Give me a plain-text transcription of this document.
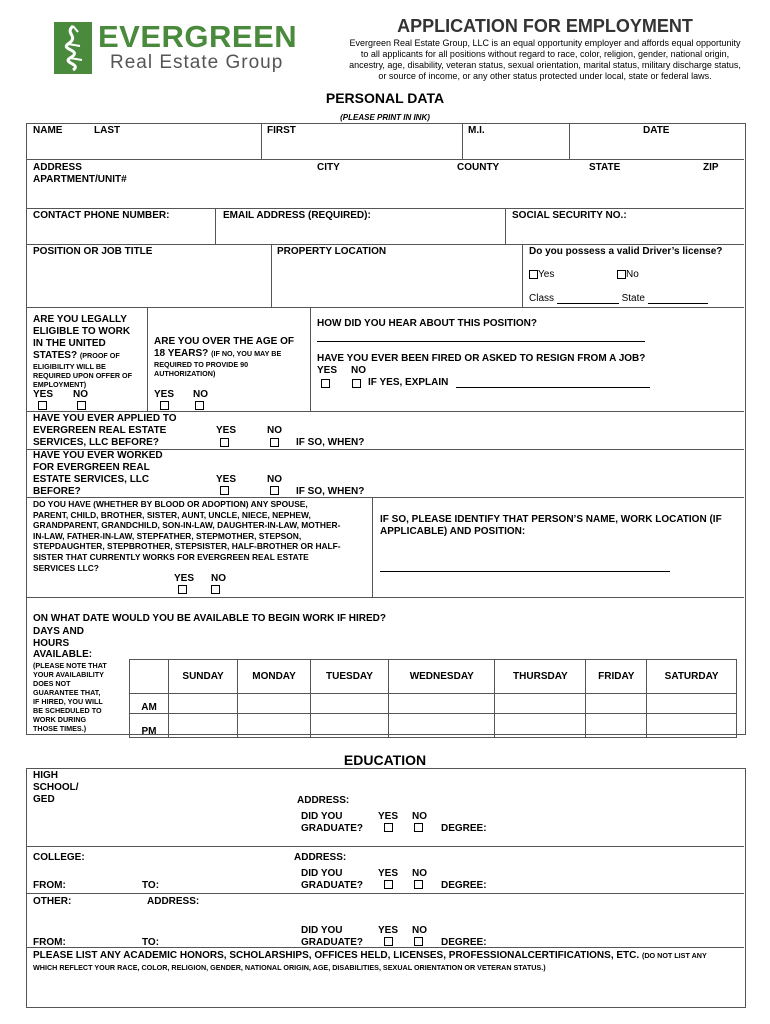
EVERGREEN
Real Estate Group
APPLICATION FOR EMPLOYMENT
Evergreen Real Estate Group, LLC is an equal opportunity employer and affords equal opportunity
to all applicants for all positions without regard to race, color, religion, gender, national origin,
ancestry, age, disability, veteran status, sexual orientation, marital status, military discharge status,
or source of income, or any other status protected under local, state or federal laws.
PERSONAL DATA
(PLEASE PRINT IN INK)
NAME	LAST	FIRST	M.I.	DATE
ADDRESS
APARTMENT/UNIT#
CITY	COUNTY	STATE	ZIP
CONTACT PHONE NUMBER:	EMAIL ADDRESS (REQUIRED):	SOCIAL SECURITY NO.:
POSITION OR JOB TITLE	PROPERTY LOCATION	Do you possess a valid Driver’s license?
Yes	No
Class	State
ARE YOU LEGALLY
ELIGIBLE TO WORK
IN THE UNITED
STATES? (PROOF OF
ELIGIBILITY WILL BE
REQUIRED UPON OFFER OF
EMPLOYMENT)
YES NO
ARE YOU OVER THE AGE OF
18 YEARS? (IF NO, YOU MAY BE
REQUIRED TO PROVIDE 90
AUTHORIZATION)
YES NO
HOW DID YOU HEAR ABOUT THIS POSITION?
HAVE YOU EVER BEEN FIRED OR ASKED TO RESIGN FROM A JOB?
YES NO
IF YES, EXPLAIN
HAVE YOU EVER APPLIED TO
EVERGREEN REAL ESTATE
SERVICES, LLC BEFORE?
YES	NO
IF SO, WHEN?
HAVE YOU EVER WORKED
FOR EVERGREEN REAL
ESTATE SERVICES, LLC
BEFORE?
YES	NO
IF SO, WHEN?
DO YOU HAVE (WHETHER BY BLOOD OR ADOPTION) ANY SPOUSE,
PARENT, CHILD, BROTHER, SISTER, AUNT, UNCLE, NIECE, NEPHEW,
GRANDPARENT, GRANDCHILD, SON-IN-LAW, DAUGHTER-IN-LAW, MOTHER-
IN-LAW, FATHER-IN-LAW, STEPFATHER, STEPMOTHER, STEPSON,
STEPDAUGHTER, STEPBROTHER, STEPSISTER, HALF-BROTHER OR HALF-
SISTER THAT CURRENTLY WORKS FOR EVERGREEN REAL ESTATE
SERVICES LLC?
YES NO
IF SO, PLEASE IDENTIFY THAT PERSON’S NAME, WORK LOCATION (IF
APPLICABLE) AND POSITION:
ON WHAT DATE WOULD YOU BE AVAILABLE TO BEGIN WORK IF HIRED?
DAYS AND
HOURS
AVAILABLE:
(PLEASE NOTE THAT
YOUR AVAILABILITY
DOES NOT
GUARANTEE THAT,
IF HIRED, YOU WILL
BE SCHEDULED TO
WORK DURING
THOSE TIMES.)
	SUNDAY	MONDAY	TUESDAY	WEDNESDAY	THURSDAY	FRIDAY	SATURDAY
AM							
PM							
EDUCATION
HIGH
SCHOOL/
GED	ADDRESS:
DID YOU
GRADUATE?
YES NO
DEGREE:
COLLEGE:	ADDRESS:
DID YOU
GRADUATE?
YES NO
DEGREE:
FROM:	TO:
OTHER:	ADDRESS:
DID YOU
GRADUATE?
YES NO
DEGREE:
FROM:	TO:
PLEASE LIST ANY ACADEMIC HONORS, SCHOLARSHIPS, OFFICES HELD, LICENSES, PROFESSIONALCERTIFICATIONS, ETC. (DO NOT LIST ANY
WHICH REFLECT YOUR RACE, COLOR, RELIGION, GENDER, NATIONAL ORIGIN, AGE, DISABILITIES, SEXUAL ORIENTATION OR VETERAN STATUS.)
